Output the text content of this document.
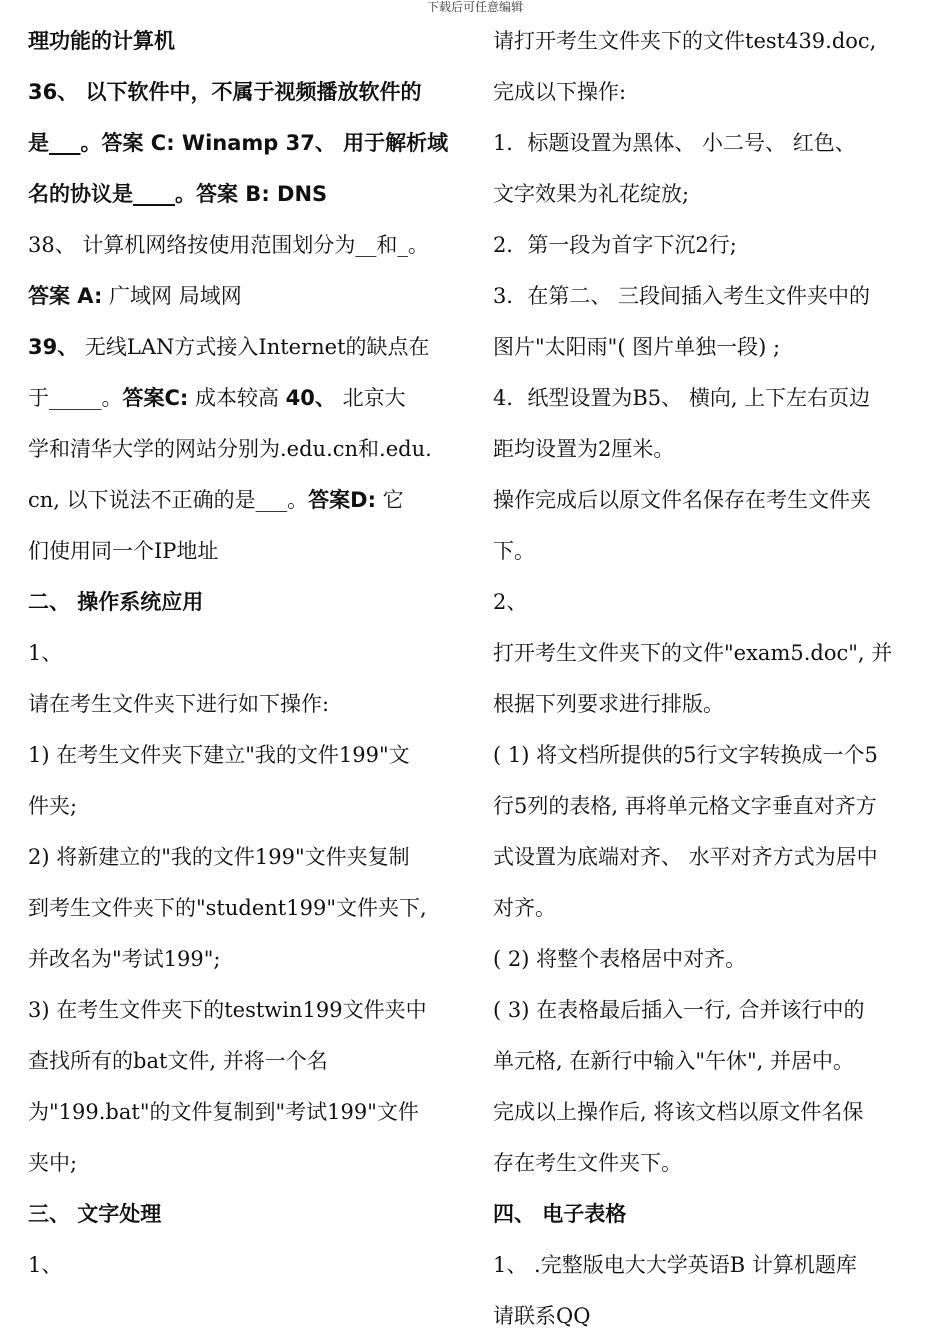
下载后可任意编辑
理功能的计算机
36、 以下软件中，不属于视频播放软件的
是___。答案 C: Winamp 37、 用于解析域
名的协议是____。答案 B: DNS
38、 计算机网络按使用范围划分为__和_。
答案 A: 广域网 局域网
39、 无线LAN方式接入Internet的缺点在
于_____。答案C: 成本较高 40、 北京大
学和清华大学的网站分别为.edu.cn和.edu.
cn, 以下说法不正确的是___。答案D: 它
们使用同一个IP地址
二、 操作系统应用
1、
请在考生文件夹下进行如下操作:
1) 在考生文件夹下建立"我的文件199"文
件夹;
2) 将新建立的"我的文件199"文件夹复制
到考生文件夹下的"student199"文件夹下,
并改名为"考试199";
3) 在考生文件夹下的testwin199文件夹中
查找所有的bat文件, 并将一个名
为"199.bat"的文件复制到"考试199"文件
夹中;
三、 文字处理
1、
请打开考生文件夹下的文件test439.doc,
完成以下操作:
1．标题设置为黑体、 小二号、 红色、
文字效果为礼花绽放;
2．第一段为首字下沉2行;
3．在第二、 三段间插入考生文件夹中的
图片"太阳雨"( 图片单独一段) ;
4．纸型设置为B5、 横向, 上下左右页边
距均设置为2厘米。
操作完成后以原文件名保存在考生文件夹
下。
2、
打开考生文件夹下的文件"exam5.doc", 并
根据下列要求进行排版。
( 1) 将文档所提供的5行文字转换成一个5
行5列的表格, 再将单元格文字垂直对齐方
式设置为底端对齐、 水平对齐方式为居中
对齐。
( 2) 将整个表格居中对齐。
( 3) 在表格最后插入一行, 合并该行中的
单元格, 在新行中输入"午休", 并居中。
完成以上操作后, 将该文档以原文件名保
存在考生文件夹下。
四、 电子表格
1、 .完整版电大大学英语B 计算机题库
请联系QQ
